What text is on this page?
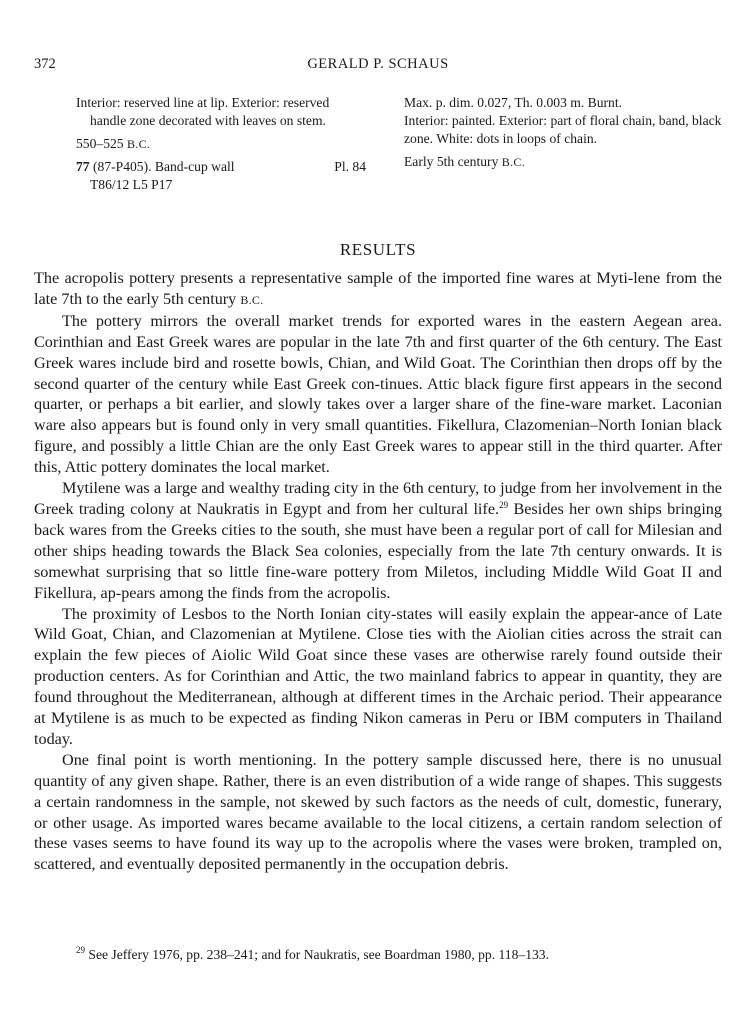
372	GERALD P. SCHAUS

Interior: reserved line at lip. Exterior: reserved handle zone decorated with leaves on stem.

550–525 B.C.

77 (87-P405). Band-cup wall	Pl. 84

T86/12 L5 P17

Max. p. dim. 0.027, Th. 0.003 m. Burnt.

Interior: painted. Exterior: part of floral chain, band, black zone. White: dots in loops of chain.

Early 5th century B.C.

RESULTS

The acropolis pottery presents a representative sample of the imported fine wares at Myti-lene from the late 7th to the early 5th century B.C.

The pottery mirrors the overall market trends for exported wares in the eastern Aegean area. Corinthian and East Greek wares are popular in the late 7th and first quarter of the 6th century. The East Greek wares include bird and rosette bowls, Chian, and Wild Goat. The Corinthian then drops off by the second quarter of the century while East Greek con-tinues. Attic black figure first appears in the second quarter, or perhaps a bit earlier, and slowly takes over a larger share of the fine-ware market. Laconian ware also appears but is found only in very small quantities. Fikellura, Clazomenian–North Ionian black figure, and possibly a little Chian are the only East Greek wares to appear still in the third quarter. After this, Attic pottery dominates the local market.

Mytilene was a large and wealthy trading city in the 6th century, to judge from her involvement in the Greek trading colony at Naukratis in Egypt and from her cultural life.$^{29}$ Besides her own ships bringing back wares from the Greeks cities to the south, she must have been a regular port of call for Milesian and other ships heading towards the Black Sea colonies, especially from the late 7th century onwards. It is somewhat surprising that so little fine-ware pottery from Miletos, including Middle Wild Goat II and Fikellura, ap-pears among the finds from the acropolis.

The proximity of Lesbos to the North Ionian city-states will easily explain the appear-ance of Late Wild Goat, Chian, and Clazomenian at Mytilene. Close ties with the Aiolian cities across the strait can explain the few pieces of Aiolic Wild Goat since these vases are otherwise rarely found outside their production centers. As for Corinthian and Attic, the two mainland fabrics to appear in quantity, they are found throughout the Mediterranean, although at different times in the Archaic period. Their appearance at Mytilene is as much to be expected as finding Nikon cameras in Peru or IBM computers in Thailand today.

One final point is worth mentioning. In the pottery sample discussed here, there is no unusual quantity of any given shape. Rather, there is an even distribution of a wide range of shapes. This suggests a certain randomness in the sample, not skewed by such factors as the needs of cult, domestic, funerary, or other usage. As imported wares became available to the local citizens, a certain random selection of these vases seems to have found its way up to the acropolis where the vases were broken, trampled on, scattered, and eventually deposited permanently in the occupation debris.

$^{29}$ See Jeffery 1976, pp. 238–241; and for Naukratis, see Boardman 1980, pp. 118–133.
